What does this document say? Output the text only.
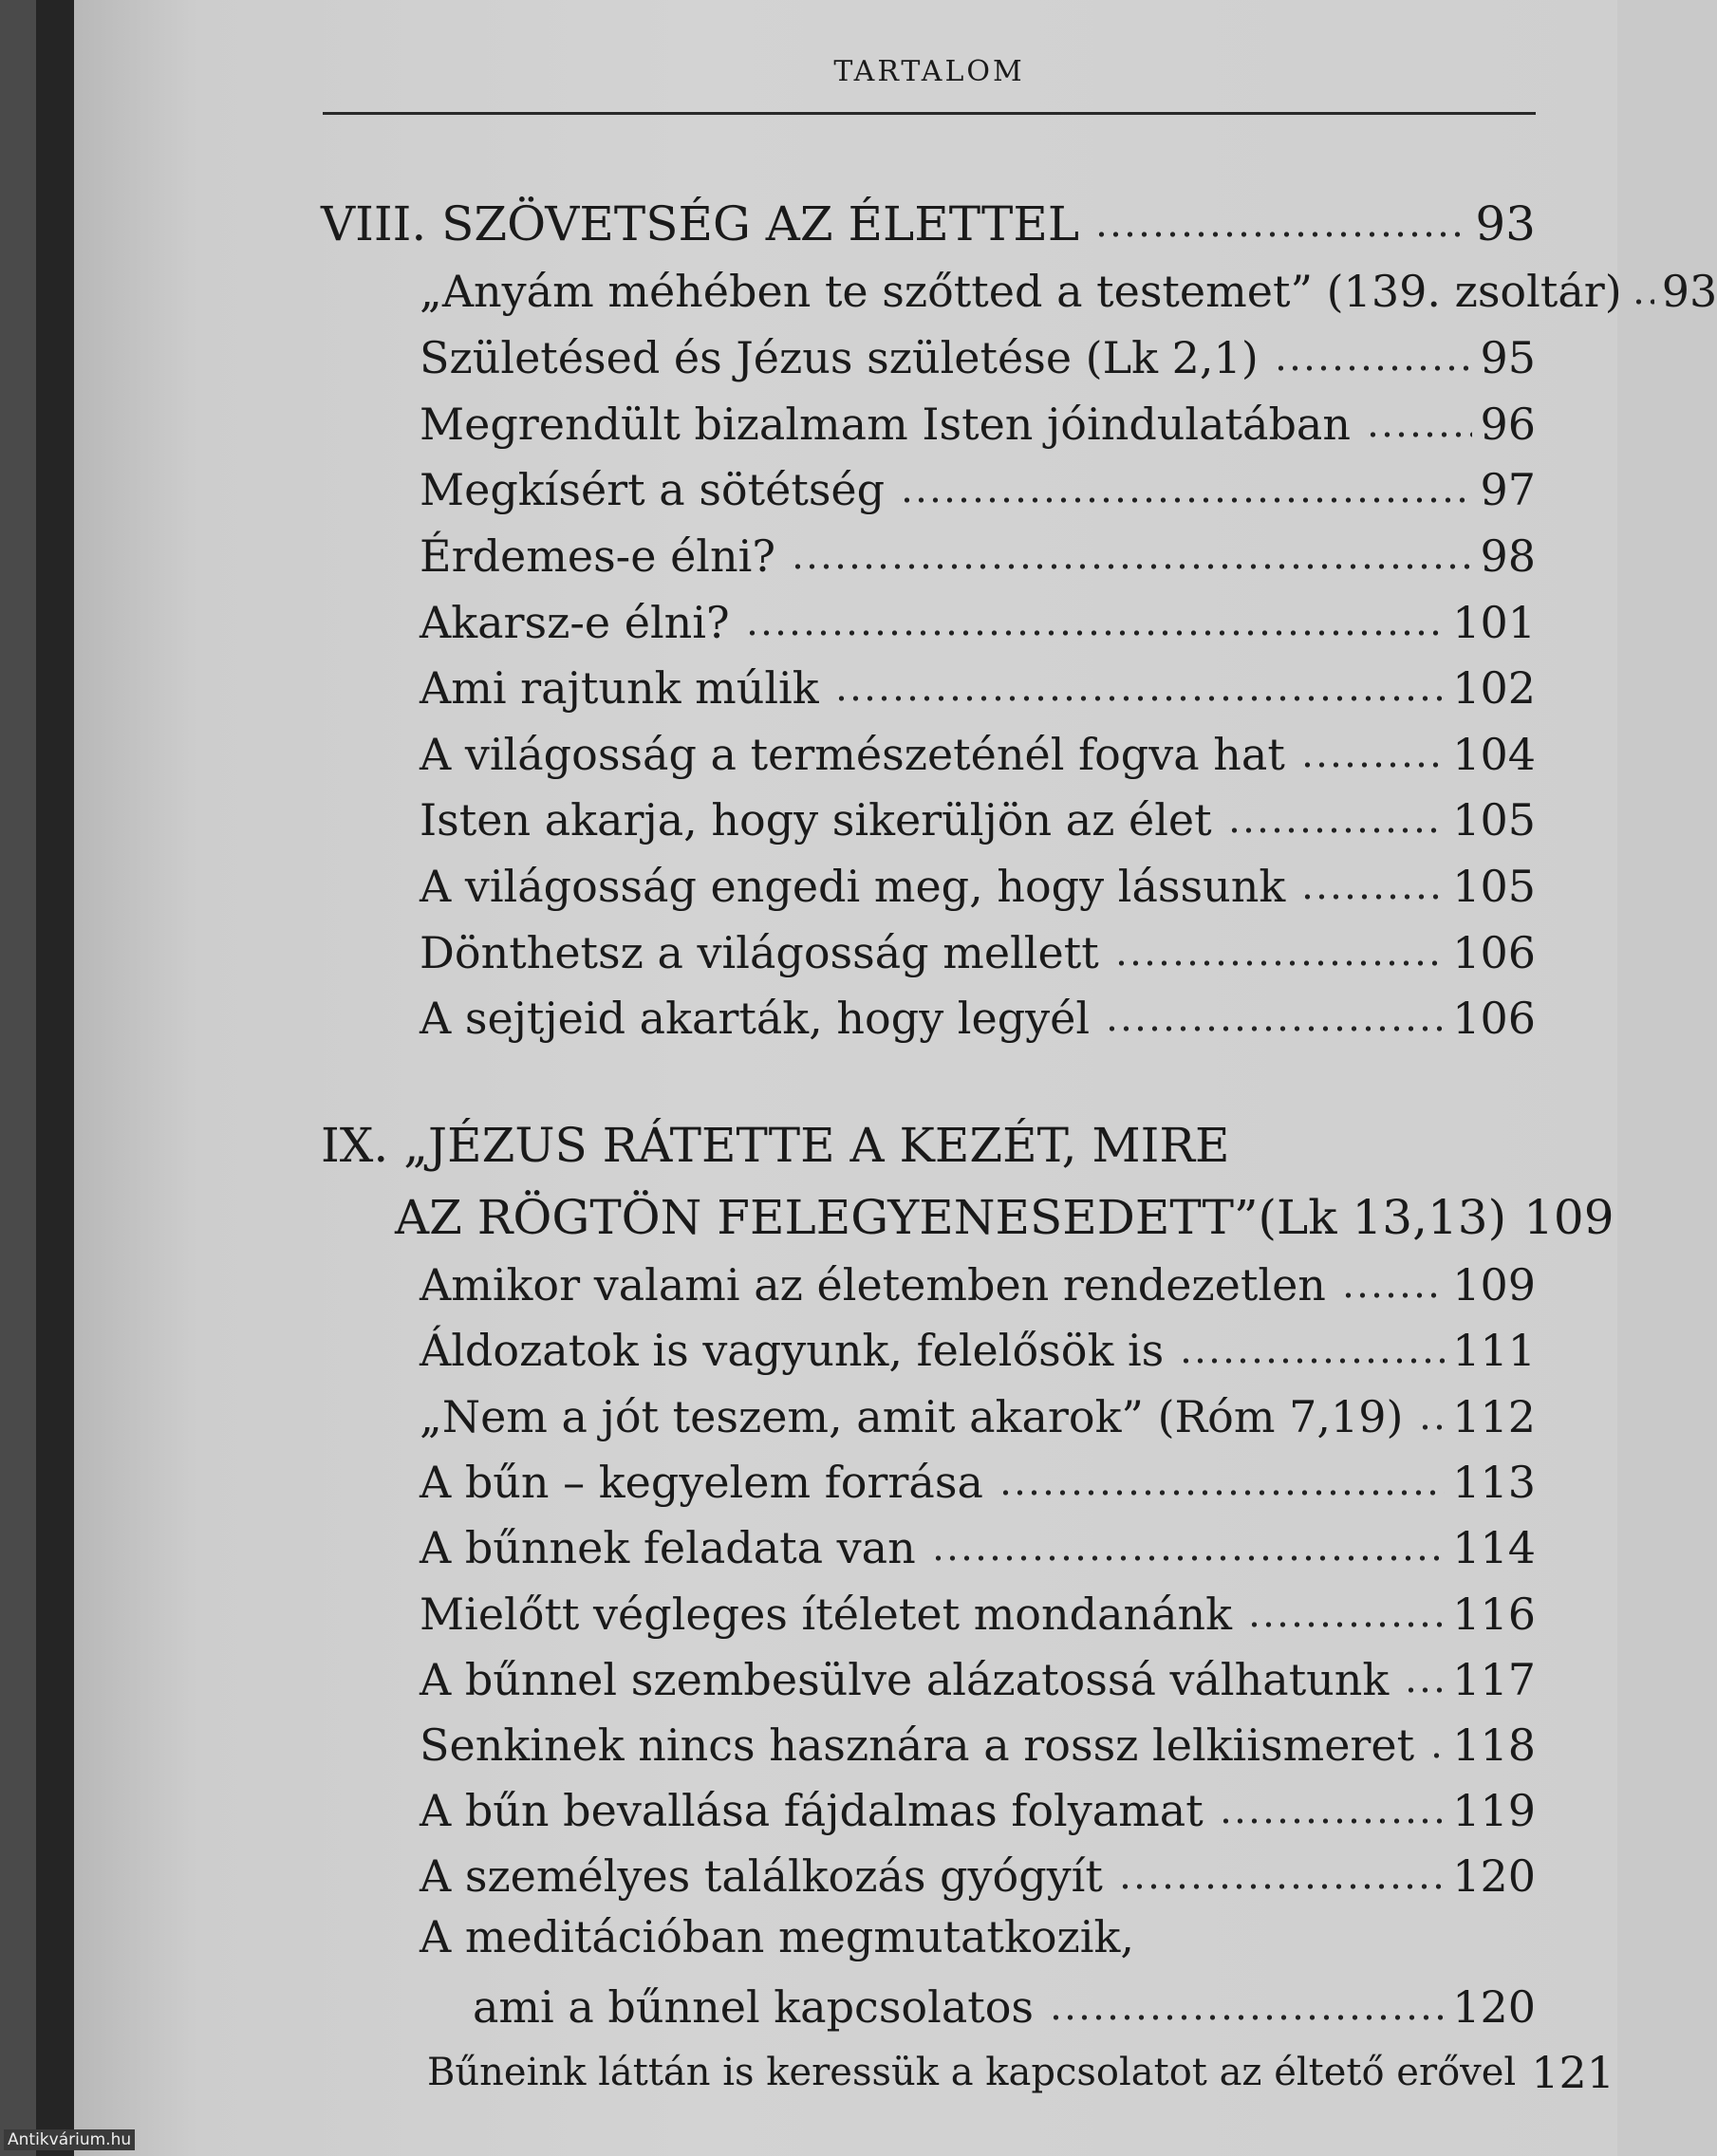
TARTALOM
VIII. SZÖVETSÉG AZ ÉLETTEL	93
„Anyám méhében te szőtted a testemet” (139. zsoltár) 93
Születésed és Jézus születése (Lk 2,1)	95
Megrendült bizalmam Isten jóindulatában	96
Megkísért a sötétség	97
Érdemes-e élni?	98
Akarsz-e élni?	101
Ami rajtunk múlik	102
A világosság a természeténél fogva hat	104
Isten akarja, hogy sikerüljön az élet	105
A világosság engedi meg, hogy lássunk	105
Dönthetsz a világosság mellett	106
A sejtjeid akarták, hogy legyél	106
IX. „JÉZUS RÁTETTE A KEZÉT, MIRE
AZ RÖGTÖN FELEGYENESEDETT”(Lk 13,13) 109
Amikor valami az életemben rendezetlen	109
Áldozatok is vagyunk, felelősök is	111
„Nem a jót teszem, amit akarok” (Róm 7,19) 112
A bűn – kegyelem forrása	113
A bűnnek feladata van	114
Mielőtt végleges ítéletet mondanánk	116
A bűnnel szembesülve alázatossá válhatunk 117
Senkinek nincs hasznára a rossz lelkiismeret 118
A bűn bevallása fájdalmas folyamat	119
A személyes találkozás gyógyít	120
A meditációban megmutatkozik,
ami a bűnnel kapcsolatos	120
Bűneink láttán is keressük a kapcsolatot az éltető erővel 121
Antikvárium.hu
